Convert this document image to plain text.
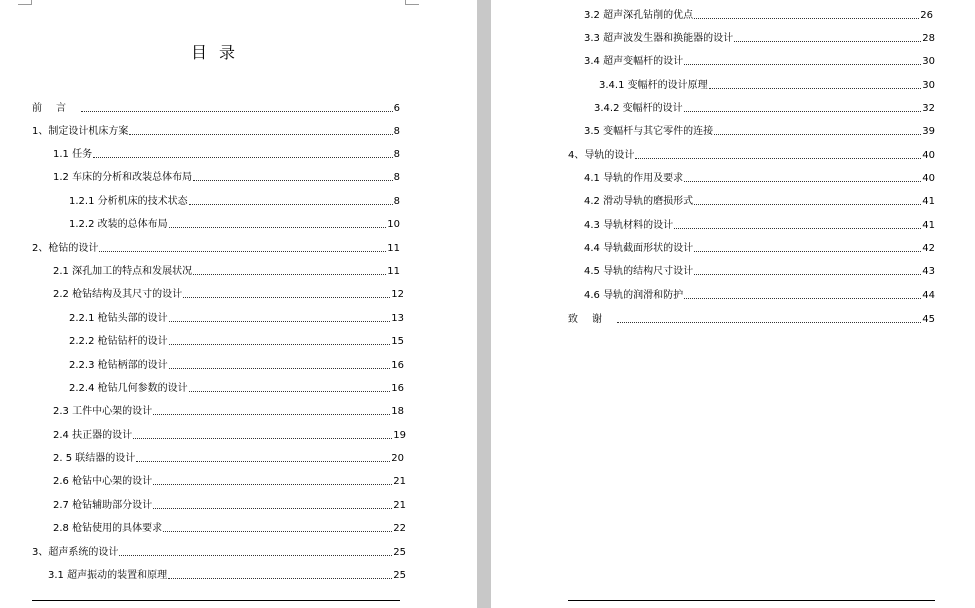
目录
前言	6
1、制定设计机床方案	8
1.1 任务	8
1.2 车床的分析和改装总体布局	8
1.2.1 分析机床的技术状态	8
1.2.2 改装的总体布局	10
2、枪钻的设计	11
2.1 深孔加工的特点和发展状况	11
2.2 枪钻结构及其尺寸的设计	12
2.2.1 枪钻头部的设计	13
2.2.2 枪钻钻杆的设计	15
2.2.3 枪钻柄部的设计	16
2.2.4 枪钻几何参数的设计	16
2.3 工件中心架的设计	18
2.4 扶正器的设计	19
2. 5 联结器的设计	20
2.6 枪钻中心架的设计	21
2.7 枪钻辅助部分设计	21
2.8 枪钻使用的具体要求	22
3、超声系统的设计	25
3.1 超声振动的装置和原理	25
3.2 超声深孔钻削的优点	26
3.3 超声波发生器和换能器的设计	28
3.4 超声变幅杆的设计	30
3.4.1 变幅杆的设计原理	30
3.4.2 变幅杆的设计	32
3.5 变幅杆与其它零件的连接	39
4、导轨的设计	40
4.1 导轨的作用及要求	40
4.2 滑动导轨的磨损形式	41
4.3 导轨材料的设计	41
4.4 导轨截面形状的设计	42
4.5 导轨的结构尺寸设计	43
4.6 导轨的润滑和防护	44
致谢	45
